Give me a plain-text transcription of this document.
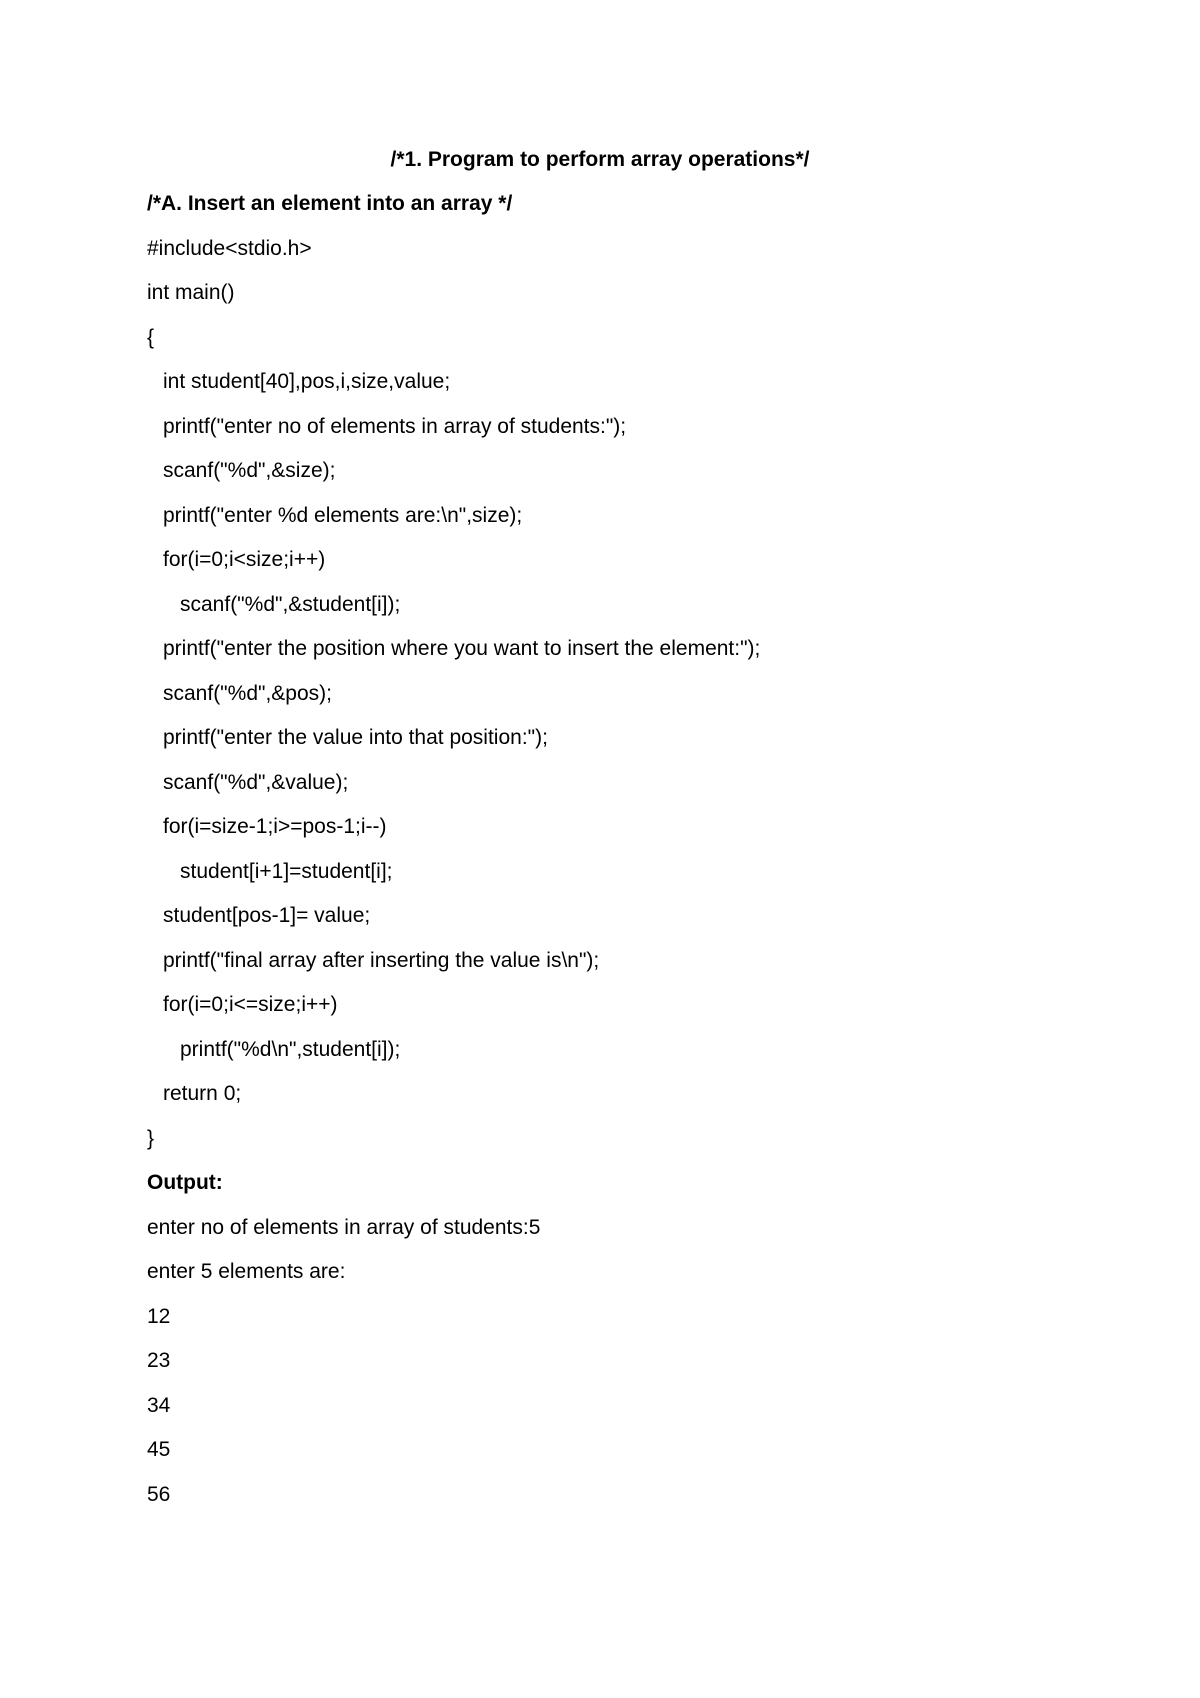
/*1. Program to perform array operations*/
/*A. Insert an element into an array */
#include<stdio.h>
int main()
{
int student[40],pos,i,size,value;
printf("enter no of elements in array of students:");
scanf("%d",&size);
printf("enter %d elements are:\n",size);
for(i=0;i<size;i++)
scanf("%d",&student[i]);
printf("enter the position where you want to insert the element:");
scanf("%d",&pos);
printf("enter the value into that position:");
scanf("%d",&value);
for(i=size-1;i>=pos-1;i--)
student[i+1]=student[i];
student[pos-1]= value;
printf("final array after inserting the value is\n");
for(i=0;i<=size;i++)
printf("%d\n",student[i]);
return 0;
}
Output:
enter no of elements in array of students:5
enter 5 elements are:
12
23
34
45
56
